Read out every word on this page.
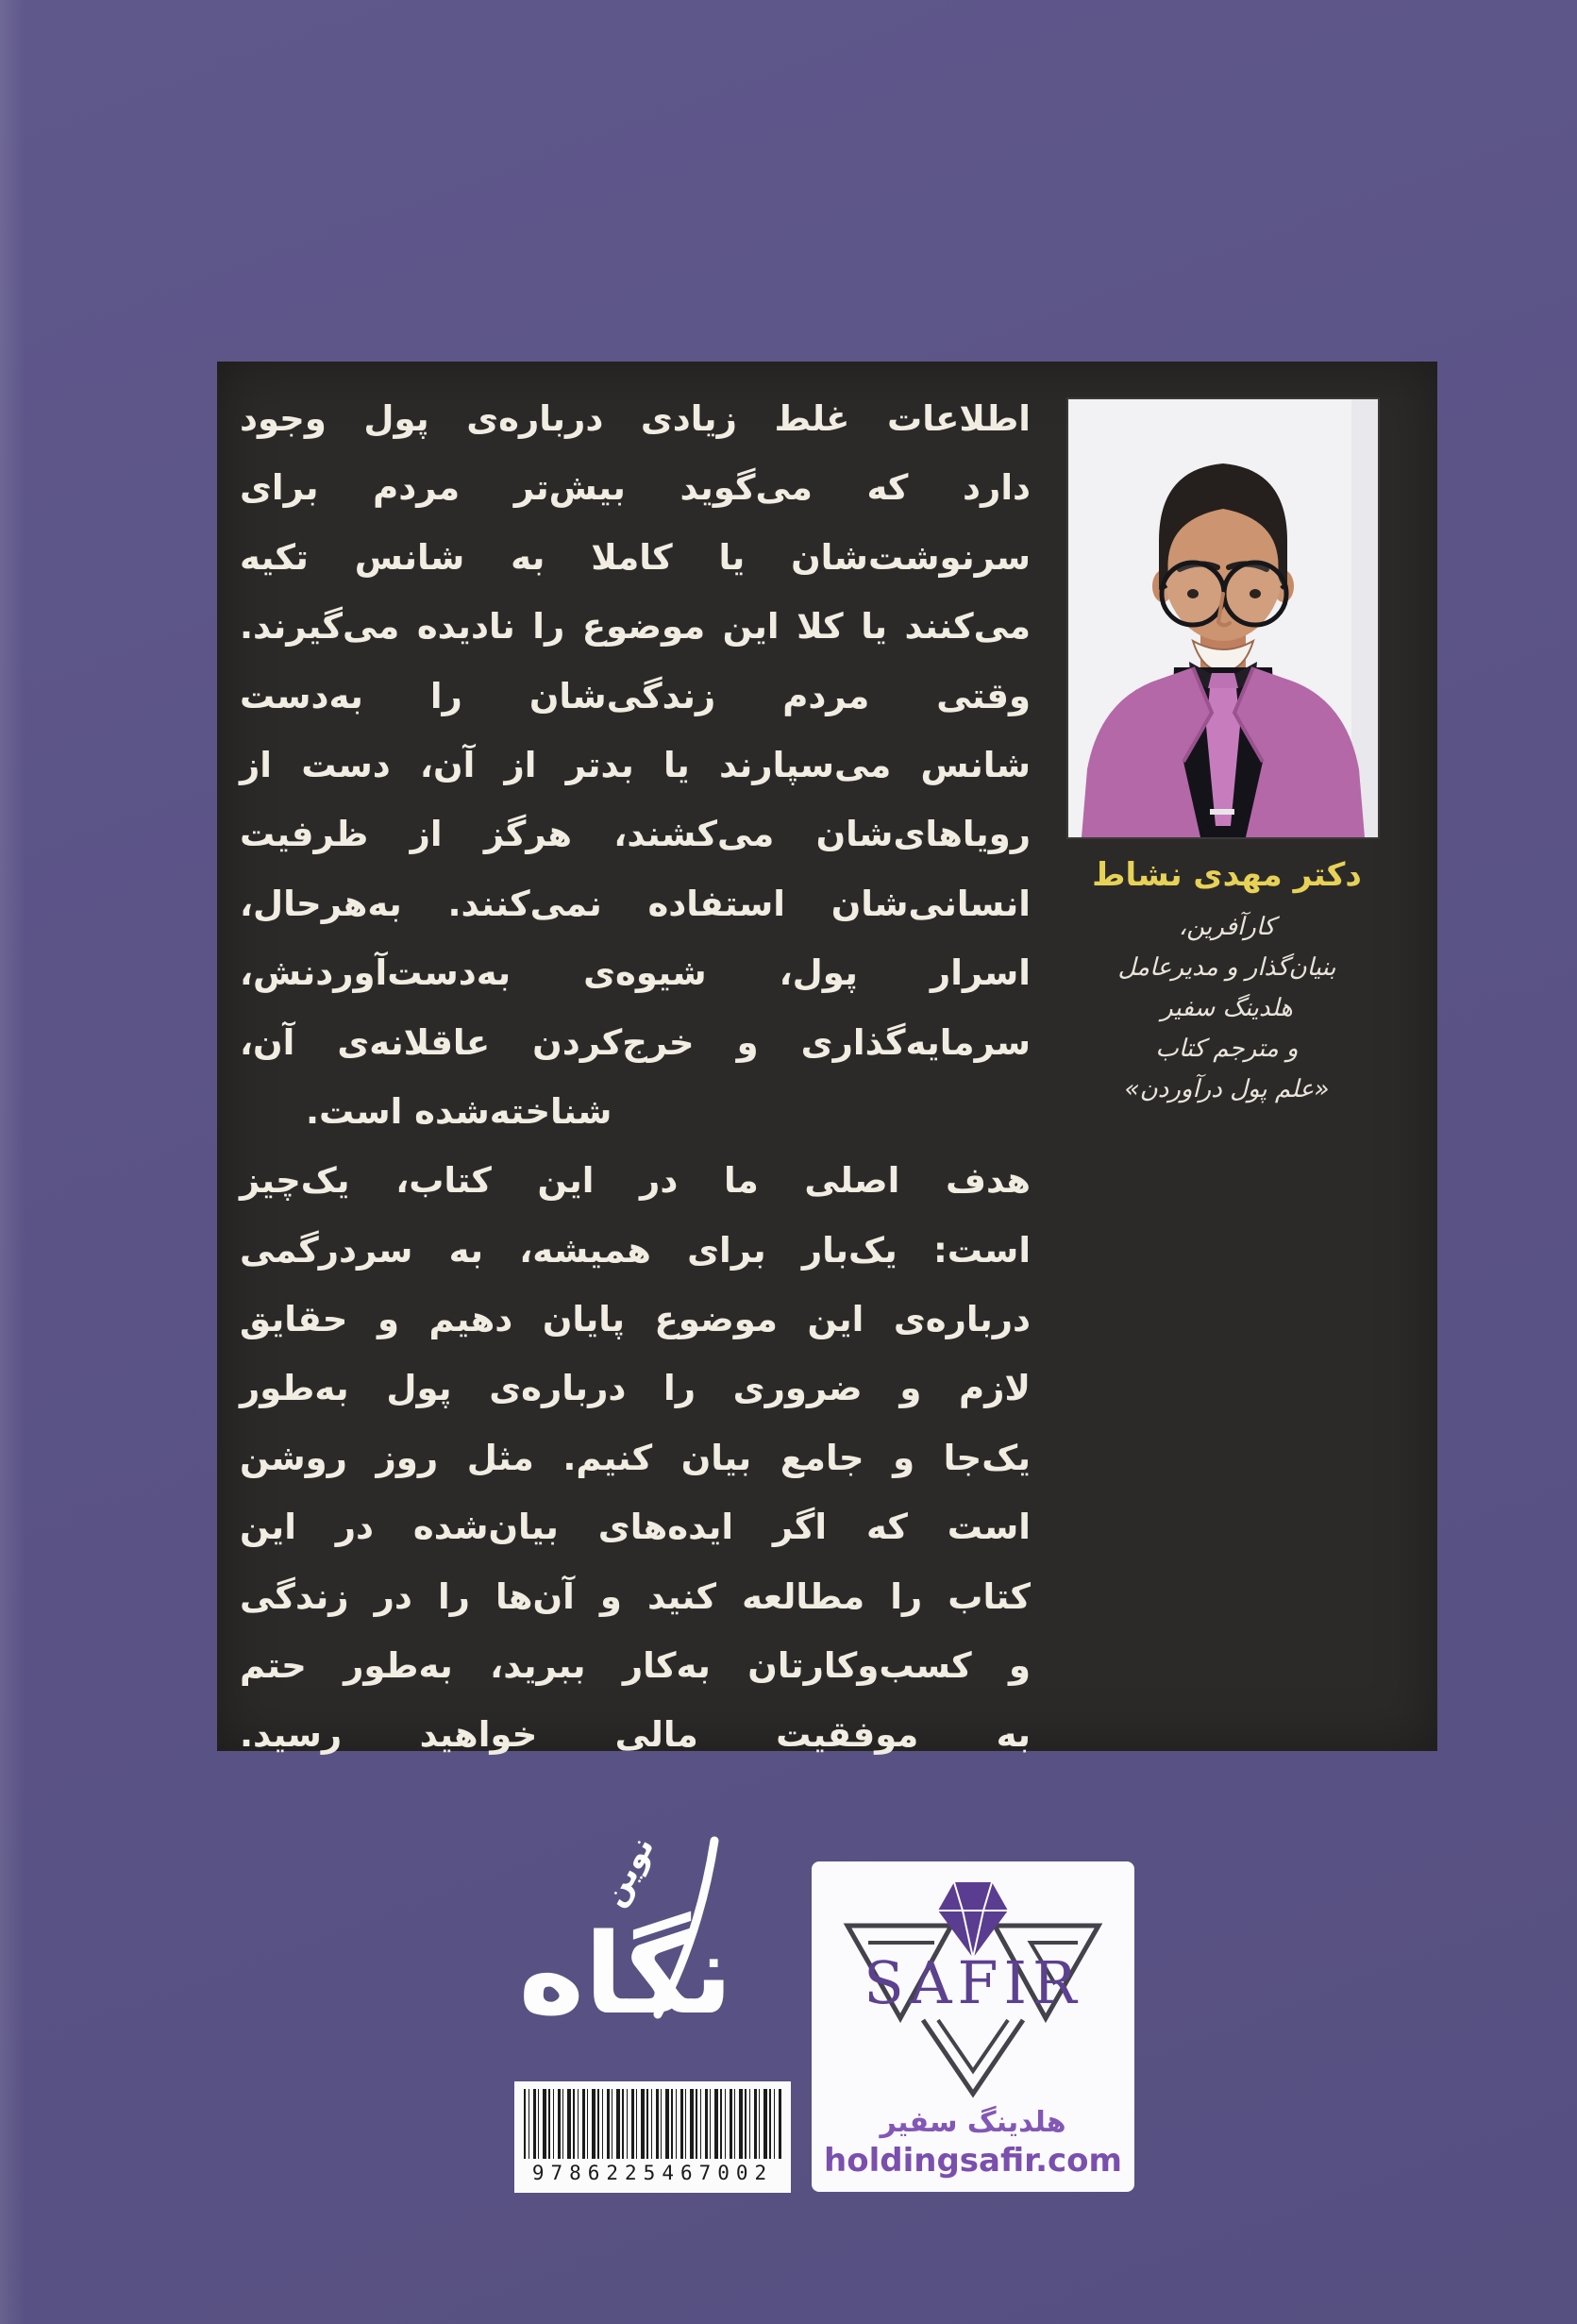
اطلاعات غلط زیادی درباره‌ی پول وجود
دارد که می‌گوید بیش‌تر مردم برای
سرنوشت‌شان یا کاملا به شانس تکیه
می‌کنند یا کلا این موضوع را نادیده می‌گیرند.
وقتی مردم زندگی‌شان را به‌دست
شانس می‌سپارند یا بدتر از آن، دست از
رویاهای‌شان می‌کشند، هرگز از ظرفیت
انسانی‌شان استفاده نمی‌کنند. به‌هرحال،
اسرار پول، شیوه‌ی به‌دست‌آوردنش،
سرمایه‌گذاری و خرج‌کردن عاقلانه‌ی آن،
شناخته‌شده است.
هدف اصلی ما در این کتاب، یک‌چیز
است: یک‌بار برای همیشه، به سردرگمی
درباره‌ی این موضوع پایان دهیم و حقایق
لازم و ضروری را درباره‌ی پول به‌طور
یک‌جا و جامع بیان کنیم. مثل روز روشن
است که اگر ایده‌های بیان‌شده در این
کتاب را مطالعه کنید و آن‌ها را در زندگی
و کسب‌وکارتان به‌کار ببرید، به‌طور حتم
به موفقیت مالی خواهید رسید.
دکتر مهدی نشاط
کارآفرین،
بنیان‌گذار و مدیرعامل
هلدینگ سفیر
و مترجم کتاب
«علم پول درآوردن»
نگاه
نوین
9786225467002
SAFIR
هلدینگ سفیر
holdingsafir.com
